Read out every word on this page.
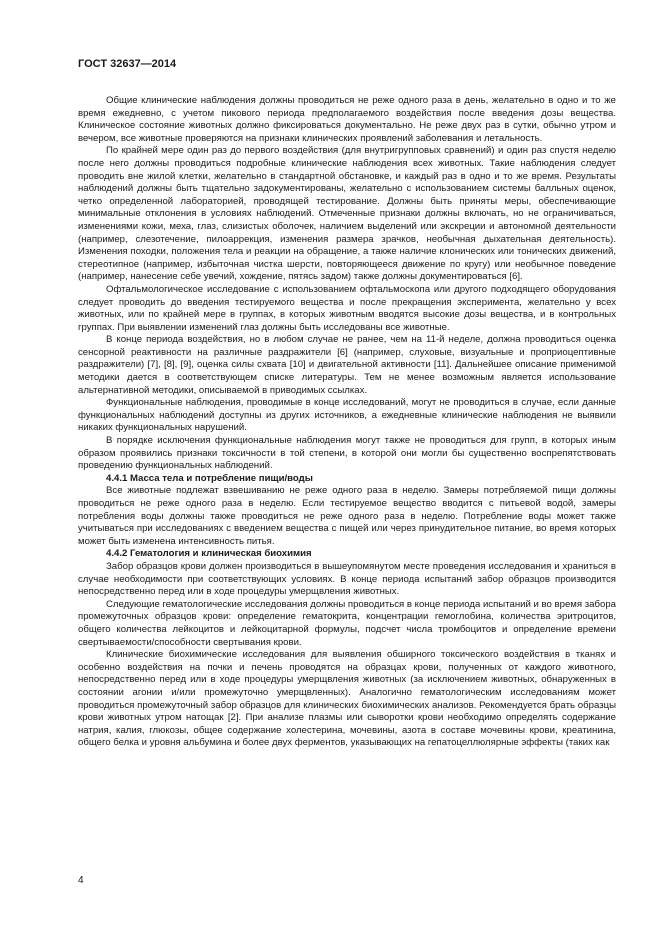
ГОСТ 32637—2014

Общие клинические наблюдения должны проводиться не реже одного раза в день, желательно в одно и то же время ежедневно, с учетом пикового периода предполагаемого воздействия после введения дозы вещества. Клиническое состояние животных должно фиксироваться документально. Не реже двух раз в сутки, обычно утром и вечером, все животные проверяются на признаки клинических проявлений заболевания и летальность.

По крайней мере один раз до первого воздействия (для внутригрупповых сравнений) и один раз спустя неделю после него должны проводиться подробные клинические наблюдения всех животных. Такие наблюдения следует проводить вне жилой клетки, желательно в стандартной обстановке, и каждый раз в одно и то же время. Результаты наблюдений должны быть тщательно задокументированы, желательно с использованием системы балльных оценок, четко определенной лабораторией, проводящей тестирование. Должны быть приняты меры, обеспечивающие минимальные отклонения в условиях наблюдений. Отмеченные признаки должны включать, но не ограничиваться, изменениями кожи, меха, глаз, слизистых оболочек, наличием выделений или экскреции и автономной деятельности (например, слезотечение, пилоаррекция, изменения размера зрачков, необычная дыхательная деятельность). Изменения походки, положения тела и реакции на обращение, а также наличие клонических или тонических движений, стереотипное (например, избыточная чистка шерсти, повторяющееся движение по кругу) или необычное поведение (например, нанесение себе увечий, хождение, пятясь задом) также должны документироваться [6].

Офтальмологическое исследование с использованием офтальмоскопа или другого подходящего оборудования следует проводить до введения тестируемого вещества и после прекращения эксперимента, желательно у всех животных, или по крайней мере в группах, в которых животным вводятся высокие дозы вещества, и в контрольных группах. При выявлении изменений глаз должны быть исследованы все животные.

В конце периода воздействия, но в любом случае не ранее, чем на 11-й неделе, должна проводиться оценка сенсорной реактивности на различные раздражители [6] (например, слуховые, визуальные и проприоцептивные раздражители) [7], [8], [9], оценка силы схвата [10] и двигательной активности [11]. Дальнейшее описание применимой методики дается в соответствующем списке литературы. Тем не менее возможным является использование альтернативной методики, описываемой в приводимых ссылках.

Функциональные наблюдения, проводимые в конце исследований, могут не проводиться в случае, если данные функциональных наблюдений доступны из других источников, а ежедневные клинические наблюдения не выявили никаких функциональных нарушений.

В порядке исключения функциональные наблюдения могут также не проводиться для групп, в которых иным образом проявились признаки токсичности в той степени, в которой они могли бы существенно воспрепятствовать проведению функциональных наблюдений.

4.4.1 Масса тела и потребление пищи/воды

Все животные подлежат взвешиванию не реже одного раза в неделю. Замеры потребляемой пищи должны проводиться не реже одного раза в неделю. Если тестируемое вещество вводится с питьевой водой, замеры потребления воды должны также проводиться не реже одного раза в неделю. Потребление воды может также учитываться при исследованиях с введением вещества с пищей или через принудительное питание, во время которых может быть изменена интенсивность питья.

4.4.2 Гематология и клиническая биохимия

Забор образцов крови должен производиться в вышеупомянутом месте проведения исследования и храниться в случае необходимости при соответствующих условиях. В конце периода испытаний забор образцов производится непосредственно перед или в ходе процедуры умерщвления животных.

Следующие гематологические исследования должны проводиться в конце периода испытаний и во время забора промежуточных образцов крови: определение гематокрита, концентрации гемоглобина, количества эритроцитов, общего количества лейкоцитов и лейкоцитарной формулы, подсчет числа тромбоцитов и определение времени свертываемости/способности свертывания крови.

Клинические биохимические исследования для выявления обширного токсического воздействия в тканях и особенно воздействия на почки и печень проводятся на образцах крови, полученных от каждого животного, непосредственно перед или в ходе процедуры умерщвления животных (за исключением животных, обнаруженных в состоянии агонии и/или промежуточно умерщвленных). Аналогично гематологическим исследованиям может проводиться промежуточный забор образцов для клинических биохимических анализов. Рекомендуется брать образцы крови животных утром натощак [2]. При анализе плазмы или сыворотки крови необходимо определять содержание натрия, калия, глюкозы, общее содержание холестерина, мочевины, азота в составе мочевины крови, креатинина, общего белка и уровня альбумина и более двух ферментов, указывающих на гепатоцеллюлярные эффекты (таких как

4
